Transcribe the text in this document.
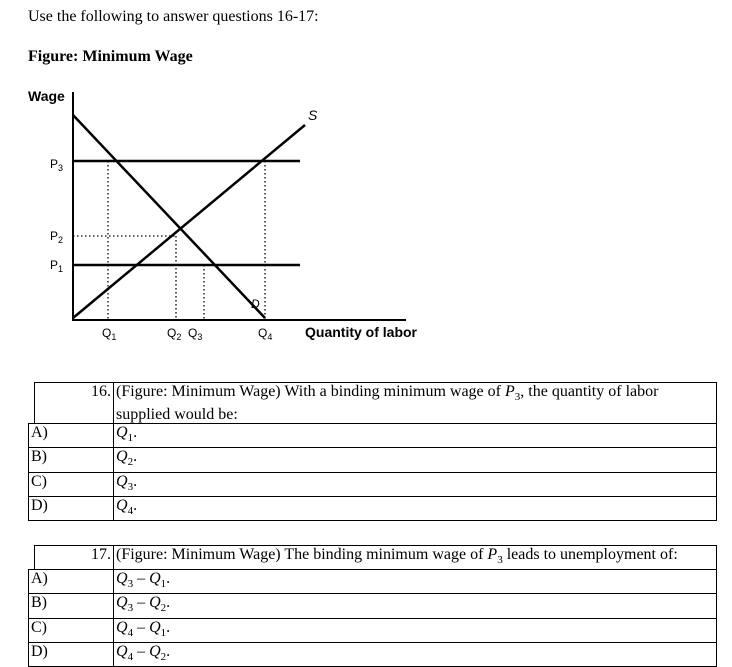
Use the following to answer questions 16-17:
Figure: Minimum Wage
Wage
Quantity of labor
S
D
$P_3$
$P_2$
$P_1$
$Q_1$	$Q_2$ $Q_3$	$Q_4$
	16.	(Figure: Minimum Wage) With a binding minimum wage of $P_3$, the quantity of labor supplied would be:
A)		$Q_1$.
B)		$Q_2$.
C)		$Q_3$.
D)		$Q_4$.
	17.	(Figure: Minimum Wage) The binding minimum wage of $P_3$ leads to unemployment of:
A)		$Q_3 - Q_1$.
B)		$Q_3 - Q_2$.
C)		$Q_4 - Q_1$.
D)		$Q_4 - Q_2$.
